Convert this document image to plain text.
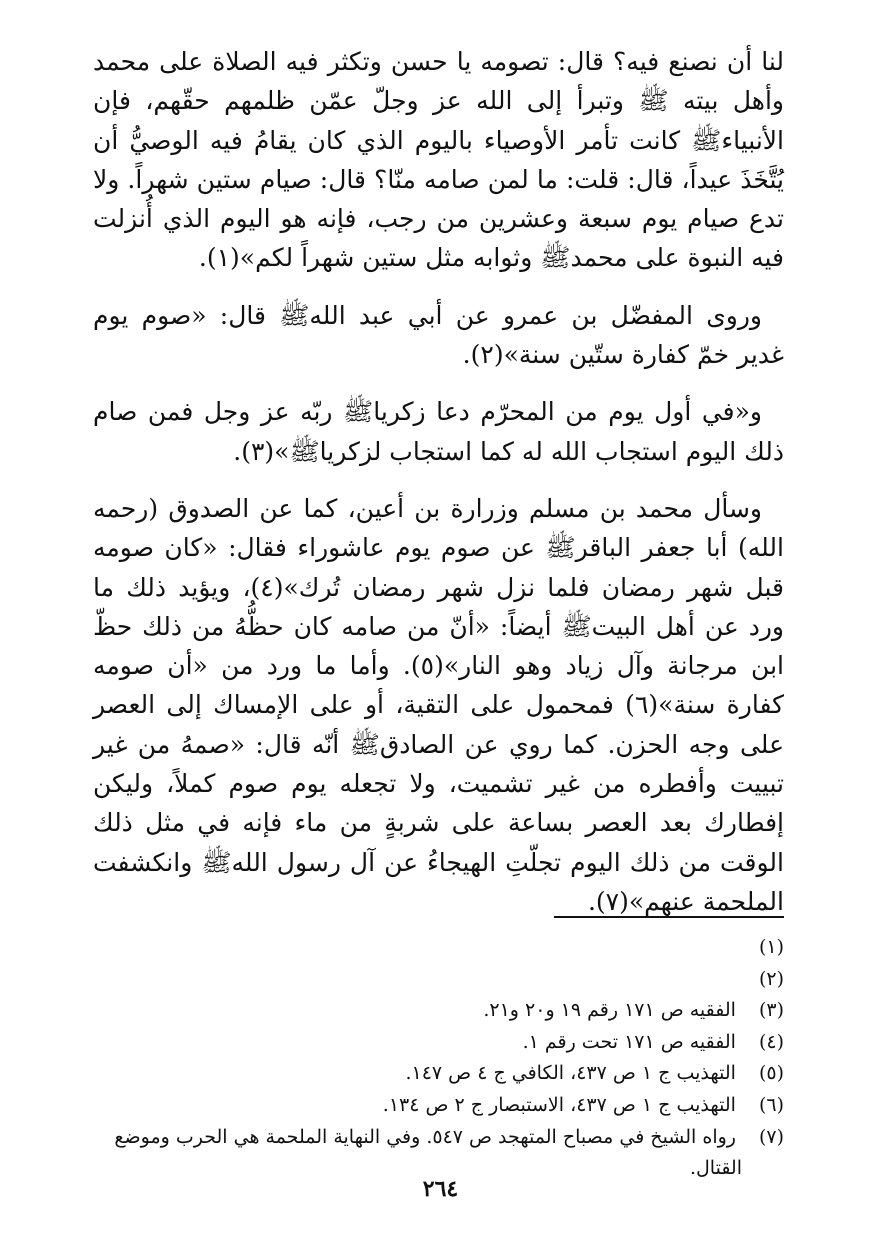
لنا أن نصنع فيه؟ قال: تصومه يا حسن وتكثر فيه الصلاة على محمد وأهل بيته ﷺ وتبرأ إلى الله عز وجلّ عمّن ظلمهم حقّهم، فإن الأنبياءﷺ كانت تأمر الأوصياء باليوم الذي كان يقامُ فيه الوصيُّ أن يُتَّخَذَ عيداً، قال: قلت: ما لمن صامه منّا؟ قال: صيام ستين شهراً. ولا تدع صيام يوم سبعة وعشرين من رجب، فإنه هو اليوم الذي أُنزلت فيه النبوة على محمدﷺ وثوابه مثل ستين شهراً لكم»(١).

وروى المفضّل بن عمرو عن أبي عبد اللهﷺ قال: «صوم يوم غدير خمّ كفارة ستّين سنة»(٢).

و«في أول يوم من المحرّم دعا زكرياﷺ ربّه عز وجل فمن صام ذلك اليوم استجاب الله له كما استجاب لزكرياﷺ»(٣).

وسأل محمد بن مسلم وزرارة بن أعين، كما عن الصدوق (رحمه الله) أبا جعفر الباقرﷺ عن صوم يوم عاشوراء فقال: «كان صومه قبل شهر رمضان فلما نزل شهر رمضان تُرك»(٤)، ويؤيد ذلك ما ورد عن أهل البيتﷺ أيضاً: «أنّ من صامه كان حظُّهُ من ذلك حظّ ابن مرجانة وآل زياد وهو النار»(٥). وأما ما ورد من «أن صومه كفارة سنة»(٦) فمحمول على التقية، أو على الإمساك إلى العصر على وجه الحزن. كما روي عن الصادقﷺ أنّه قال: «صمهُ من غير تبييت وأفطره من غير تشميت، ولا تجعله يوم صوم كملاً، وليكن إفطارك بعد العصر بساعة على شربةٍ من ماء فإنه في مثل ذلك الوقت من ذلك اليوم تجلّتِ الهيجاءُ عن آل رسول اللهﷺ وانكشفت الملحمة عنهم»(٧).

(١) (٢) (٣) الفقيه ص ١٧١ رقم ١٩ و٢٠ و٢١.

(٤) الفقيه ص ١٧١ تحت رقم ١.

(٥) التهذيب ج ١ ص ٤٣٧، الكافي ج ٤ ص ١٤٧.

(٦) التهذيب ج ١ ص ٤٣٧، الاستبصار ج ٢ ص ١٣٤.

(٧) رواه الشيخ في مصباح المتهجد ص ٥٤٧. وفي النهاية الملحمة هي الحرب وموضع القتال.

٢٦٤
